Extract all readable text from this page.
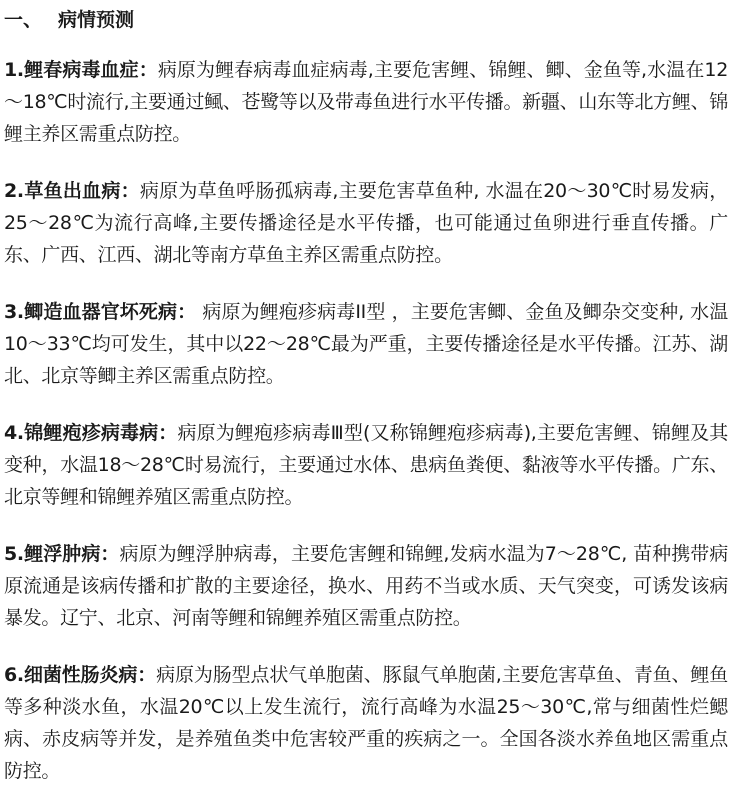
一、 病情预测

1.鲤春病毒血症：病原为鲤春病毒血症病毒,主要危害鲤、锦鲤、鲫、金鱼等,水温在12～18℃时流行,主要通过鲺、苍鹭等以及带毒鱼进行水平传播。新疆、山东等北方鲤、锦鲤主养区需重点防控。

2.草鱼出血病：病原为草鱼呼肠孤病毒,主要危害草鱼种, 水温在20～30℃时易发病，25～28℃为流行高峰,主要传播途径是水平传播，也可能通过鱼卵进行垂直传播。广东、广西、江西、湖北等南方草鱼主养区需重点防控。

3.鲫造血器官坏死病： 病原为鲤疱疹病毒II型 ，主要危害鲫、金鱼及鲫杂交变种, 水温10～33℃均可发生，其中以22～28℃最为严重，主要传播途径是水平传播。江苏、湖北、北京等鲫主养区需重点防控。

4.锦鲤疱疹病毒病：病原为鲤疱疹病毒Ⅲ型(又称锦鲤疱疹病毒),主要危害鲤、锦鲤及其变种，水温18～28℃时易流行，主要通过水体、患病鱼粪便、黏液等水平传播。广东、北京等鲤和锦鲤养殖区需重点防控。

5.鲤浮肿病：病原为鲤浮肿病毒，主要危害鲤和锦鲤,发病水温为7～28℃, 苗种携带病原流通是该病传播和扩散的主要途径，换水、用药不当或水质、天气突变，可诱发该病暴发。辽宁、北京、河南等鲤和锦鲤养殖区需重点防控。

6.细菌性肠炎病：病原为肠型点状气单胞菌、豚鼠气单胞菌,主要危害草鱼、青鱼、鲤鱼等多种淡水鱼，水温20℃以上发生流行，流行高峰为水温25～30℃,常与细菌性烂鳃病、赤皮病等并发，是养殖鱼类中危害较严重的疾病之一。全国各淡水养鱼地区需重点防控。
